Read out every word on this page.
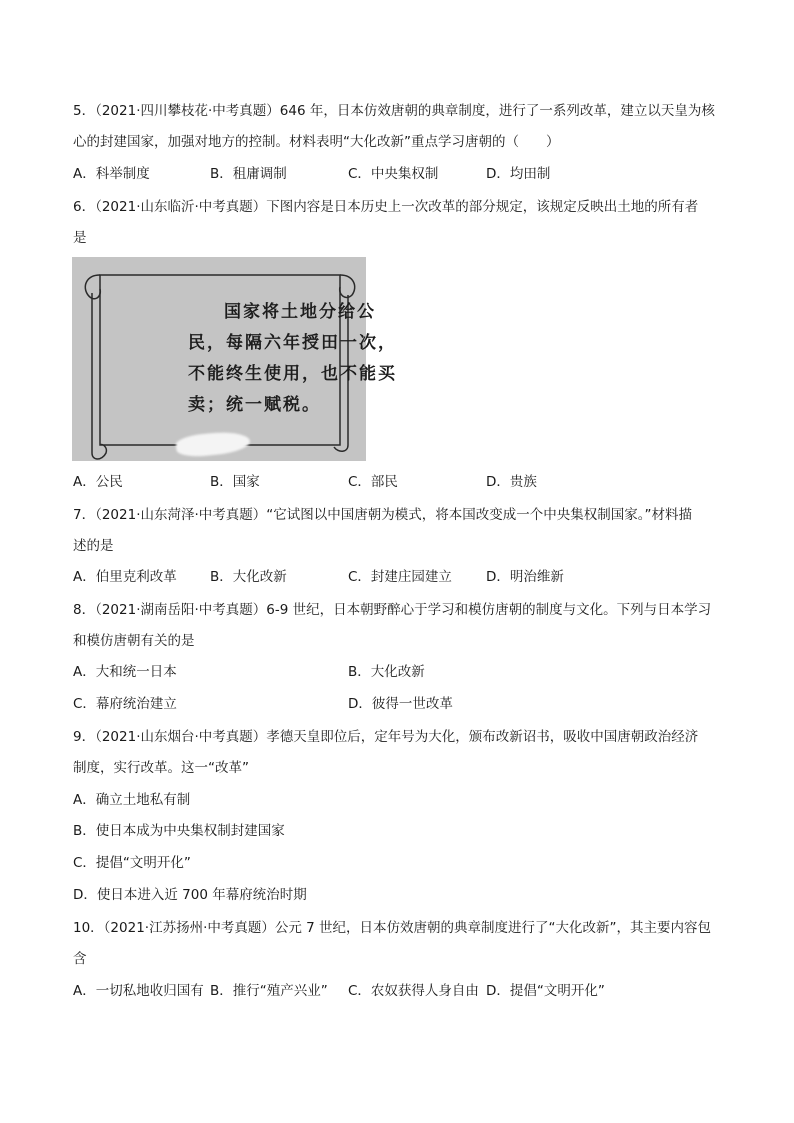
5．（2021·四川攀枝花·中考真题）646 年，日本仿效唐朝的典章制度，进行了一系列改革，建立以天皇为核
心的封建国家，加强对地方的控制。材料表明“大化改新”重点学习唐朝的（　　）
A．科举制度	B．租庸调制	C．中央集权制	D．均田制
6．（2021·山东临沂·中考真题）下图内容是日本历史上一次改革的部分规定，该规定反映出土地的所有者
是
国家将土地分给公
民，每隔六年授田一次，
不能终生使用，也不能买
卖；统一赋税。
A．公民	B．国家	C．部民	D．贵族
7．（2021·山东菏泽·中考真题）“它试图以中国唐朝为模式，将本国改变成一个中央集权制国家。”材料描
述的是
A．伯里克利改革 B．大化改新	C．封建庄园建立	D．明治维新
8．（2021·湖南岳阳·中考真题）6-9 世纪，日本朝野醉心于学习和模仿唐朝的制度与文化。下列与日本学习
和模仿唐朝有关的是
A．大和统一日本	B．大化改新
C．幕府统治建立	D．彼得一世改革
9．（2021·山东烟台·中考真题）孝德天皇即位后，定年号为大化，颁布改新诏书，吸收中国唐朝政治经济
制度，实行改革。这一“改革”
A．确立土地私有制
B．使日本成为中央集权制封建国家
C．提倡“文明开化”
D．使日本进入近 700 年幕府统治时期
10．（2021·江苏扬州·中考真题）公元 7 世纪，日本仿效唐朝的典章制度进行了“大化改新”，其主要内容包
含
A．一切私地收归国有 B．推行“殖产兴业” C．农奴获得人身自由 D．提倡“文明开化”
